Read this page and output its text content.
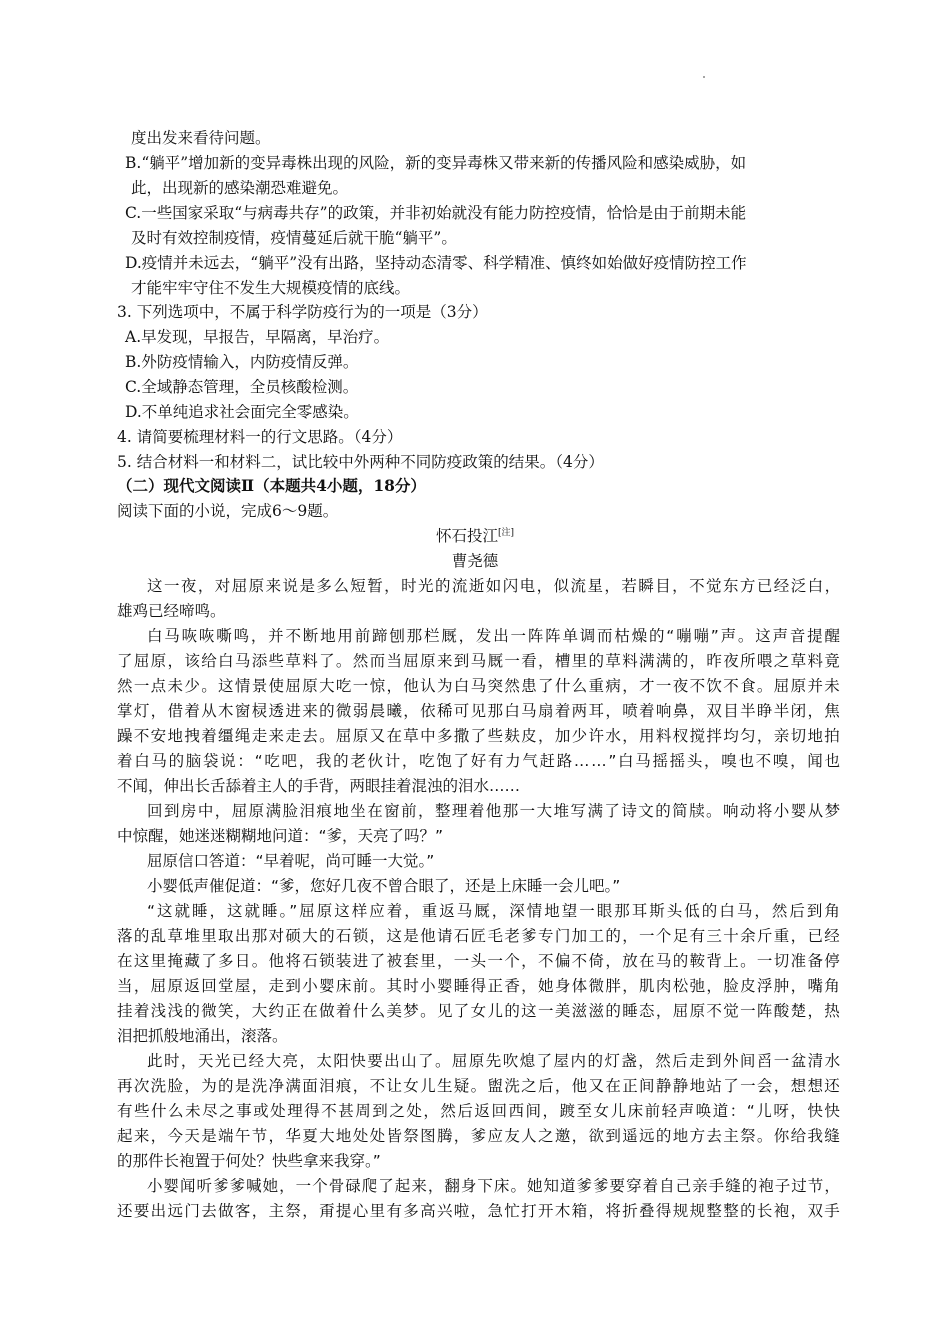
度出发来看待问题。
B.“躺平”增加新的变异毒株出现的风险，新的变异毒株又带来新的传播风险和感染威胁，如
此，出现新的感染潮恐难避免。
C.一些国家采取“与病毒共存”的政策，并非初始就没有能力防控疫情，恰恰是由于前期未能
及时有效控制疫情，疫情蔓延后就干脆“躺平”。
D.疫情并未远去，“躺平”没有出路，坚持动态清零、科学精准、慎终如始做好疫情防控工作
才能牢牢守住不发生大规模疫情的底线。
3. 下列选项中，不属于科学防疫行为的一项是（3分）
A.早发现，早报告，早隔离，早治疗。
B.外防疫情输入，内防疫情反弹。
C.全域静态管理，全员核酸检测。
D.不单纯追求社会面完全零感染。
4. 请简要梳理材料一的行文思路。（4分）
5. 结合材料一和材料二，试比较中外两种不同防疫政策的结果。（4分）
（二）现代文阅读Ⅱ（本题共4小题，18分）
阅读下面的小说，完成6～9题。
怀石投江[注]
曹尧德
这一夜，对屈原来说是多么短暂，时光的流逝如闪电，似流星，若瞬目，不觉东方已经泛白，
雄鸡已经啼鸣。
白马咴咴嘶鸣，并不断地用前蹄刨那栏厩，发出一阵阵单调而枯燥的“嘣嘣”声。这声音提醒
了屈原，该给白马添些草料了。然而当屈原来到马厩一看，槽里的草料满满的，昨夜所喂之草料竟
然一点未少。这情景使屈原大吃一惊，他认为白马突然患了什么重病，才一夜不饮不食。屈原并未
掌灯，借着从木窗棂透进来的微弱晨曦，依稀可见那白马扇着两耳，喷着响鼻，双目半睁半闭，焦
躁不安地拽着缰绳走来走去。屈原又在草中多撒了些麸皮，加少许水，用料杈搅拌均匀，亲切地拍
着白马的脑袋说：“吃吧，我的老伙计，吃饱了好有力气赶路……”白马摇摇头，嗅也不嗅，闻也
不闻，伸出长舌舔着主人的手背，两眼挂着混浊的泪水……
回到房中，屈原满脸泪痕地坐在窗前，整理着他那一大堆写满了诗文的简牍。响动将小婴从梦
中惊醒，她迷迷糊糊地问道：“爹，天亮了吗？”
屈原信口答道：“早着呢，尚可睡一大觉。”
小婴低声催促道：“爹，您好几夜不曾合眼了，还是上床睡一会儿吧。”
“这就睡，这就睡。”屈原这样应着，重返马厩，深情地望一眼那耳斯头低的白马，然后到角
落的乱草堆里取出那对硕大的石锁，这是他请石匠毛老爹专门加工的，一个足有三十余斤重，已经
在这里掩藏了多日。他将石锁装进了被套里，一头一个，不偏不倚，放在马的鞍背上。一切准备停
当，屈原返回堂屋，走到小婴床前。其时小婴睡得正香，她身体微胖，肌肉松弛，脸皮浮肿，嘴角
挂着浅浅的微笑，大约正在做着什么美梦。见了女儿的这一美滋滋的睡态，屈原不觉一阵酸楚，热
泪把抓般地涌出，滚落。
此时，天光已经大亮，太阳快要出山了。屈原先吹熄了屋内的灯盏，然后走到外间舀一盆清水
再次洗脸，为的是洗净满面泪痕，不让女儿生疑。盥洗之后，他又在正间静静地站了一会，想想还
有些什么未尽之事或处理得不甚周到之处，然后返回西间，踱至女儿床前轻声唤道：“儿呀，快快
起来，今天是端午节，华夏大地处处皆祭图腾，爹应友人之邀，欲到遥远的地方去主祭。你给我缝
的那件长袍置于何处？快些拿来我穿。”
小婴闻听爹爹喊她，一个骨碌爬了起来，翻身下床。她知道爹爹要穿着自己亲手缝的袍子过节，
还要出远门去做客，主祭，甭提心里有多高兴啦，急忙打开木箱，将折叠得规规整整的长袍，双手
